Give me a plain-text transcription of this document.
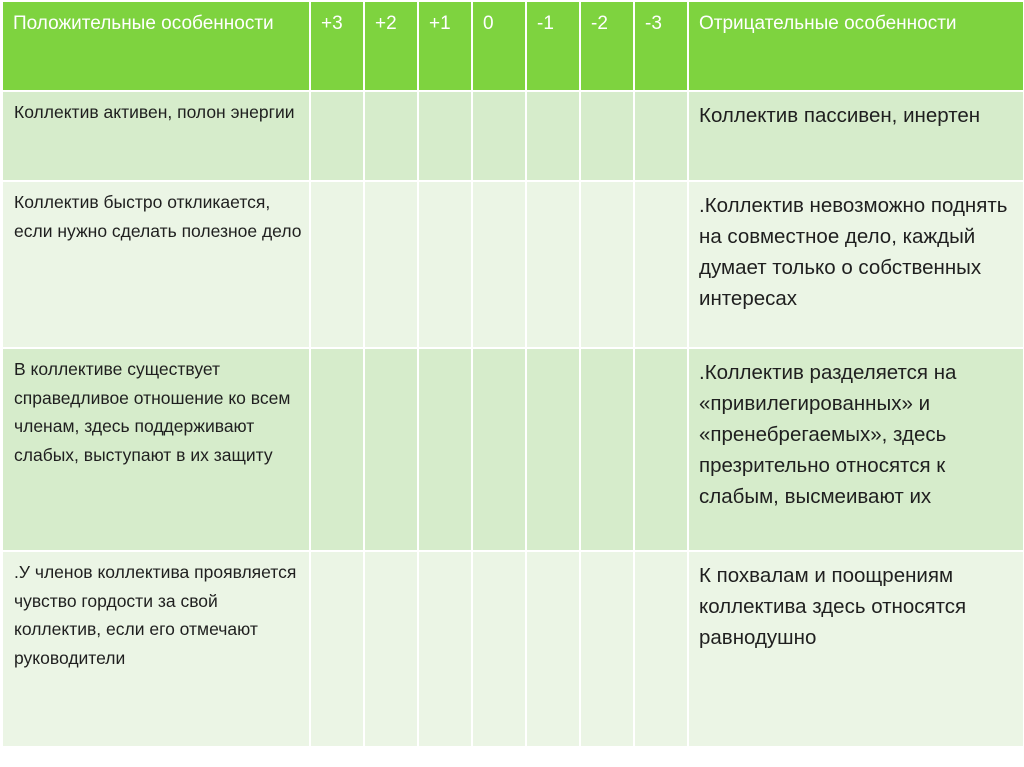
Положительные особенности	+3	+2	+1	0	-1	-2	-3	Отрицательные особенности

Коллектив активен, полон энергии								Коллектив пассивен, инертен

Коллектив быстро откликается, если нужно сделать полезное дело								.Коллектив невозможно поднять на совместное дело, каждый думает только о собственных интересах

В коллективе существует справедливое отношение ко всем членам, здесь поддерживают слабых, выступают в их защиту								.Коллектив разделяется на «привилегированных» и «пренебрегаемых», здесь презрительно относятся к слабым, высмеивают их

.У членов коллектива проявляется чувство гордости за свой коллектив, если его отмечают руководители								К похвалам и поощрениям коллектива здесь относятся равнодушно
